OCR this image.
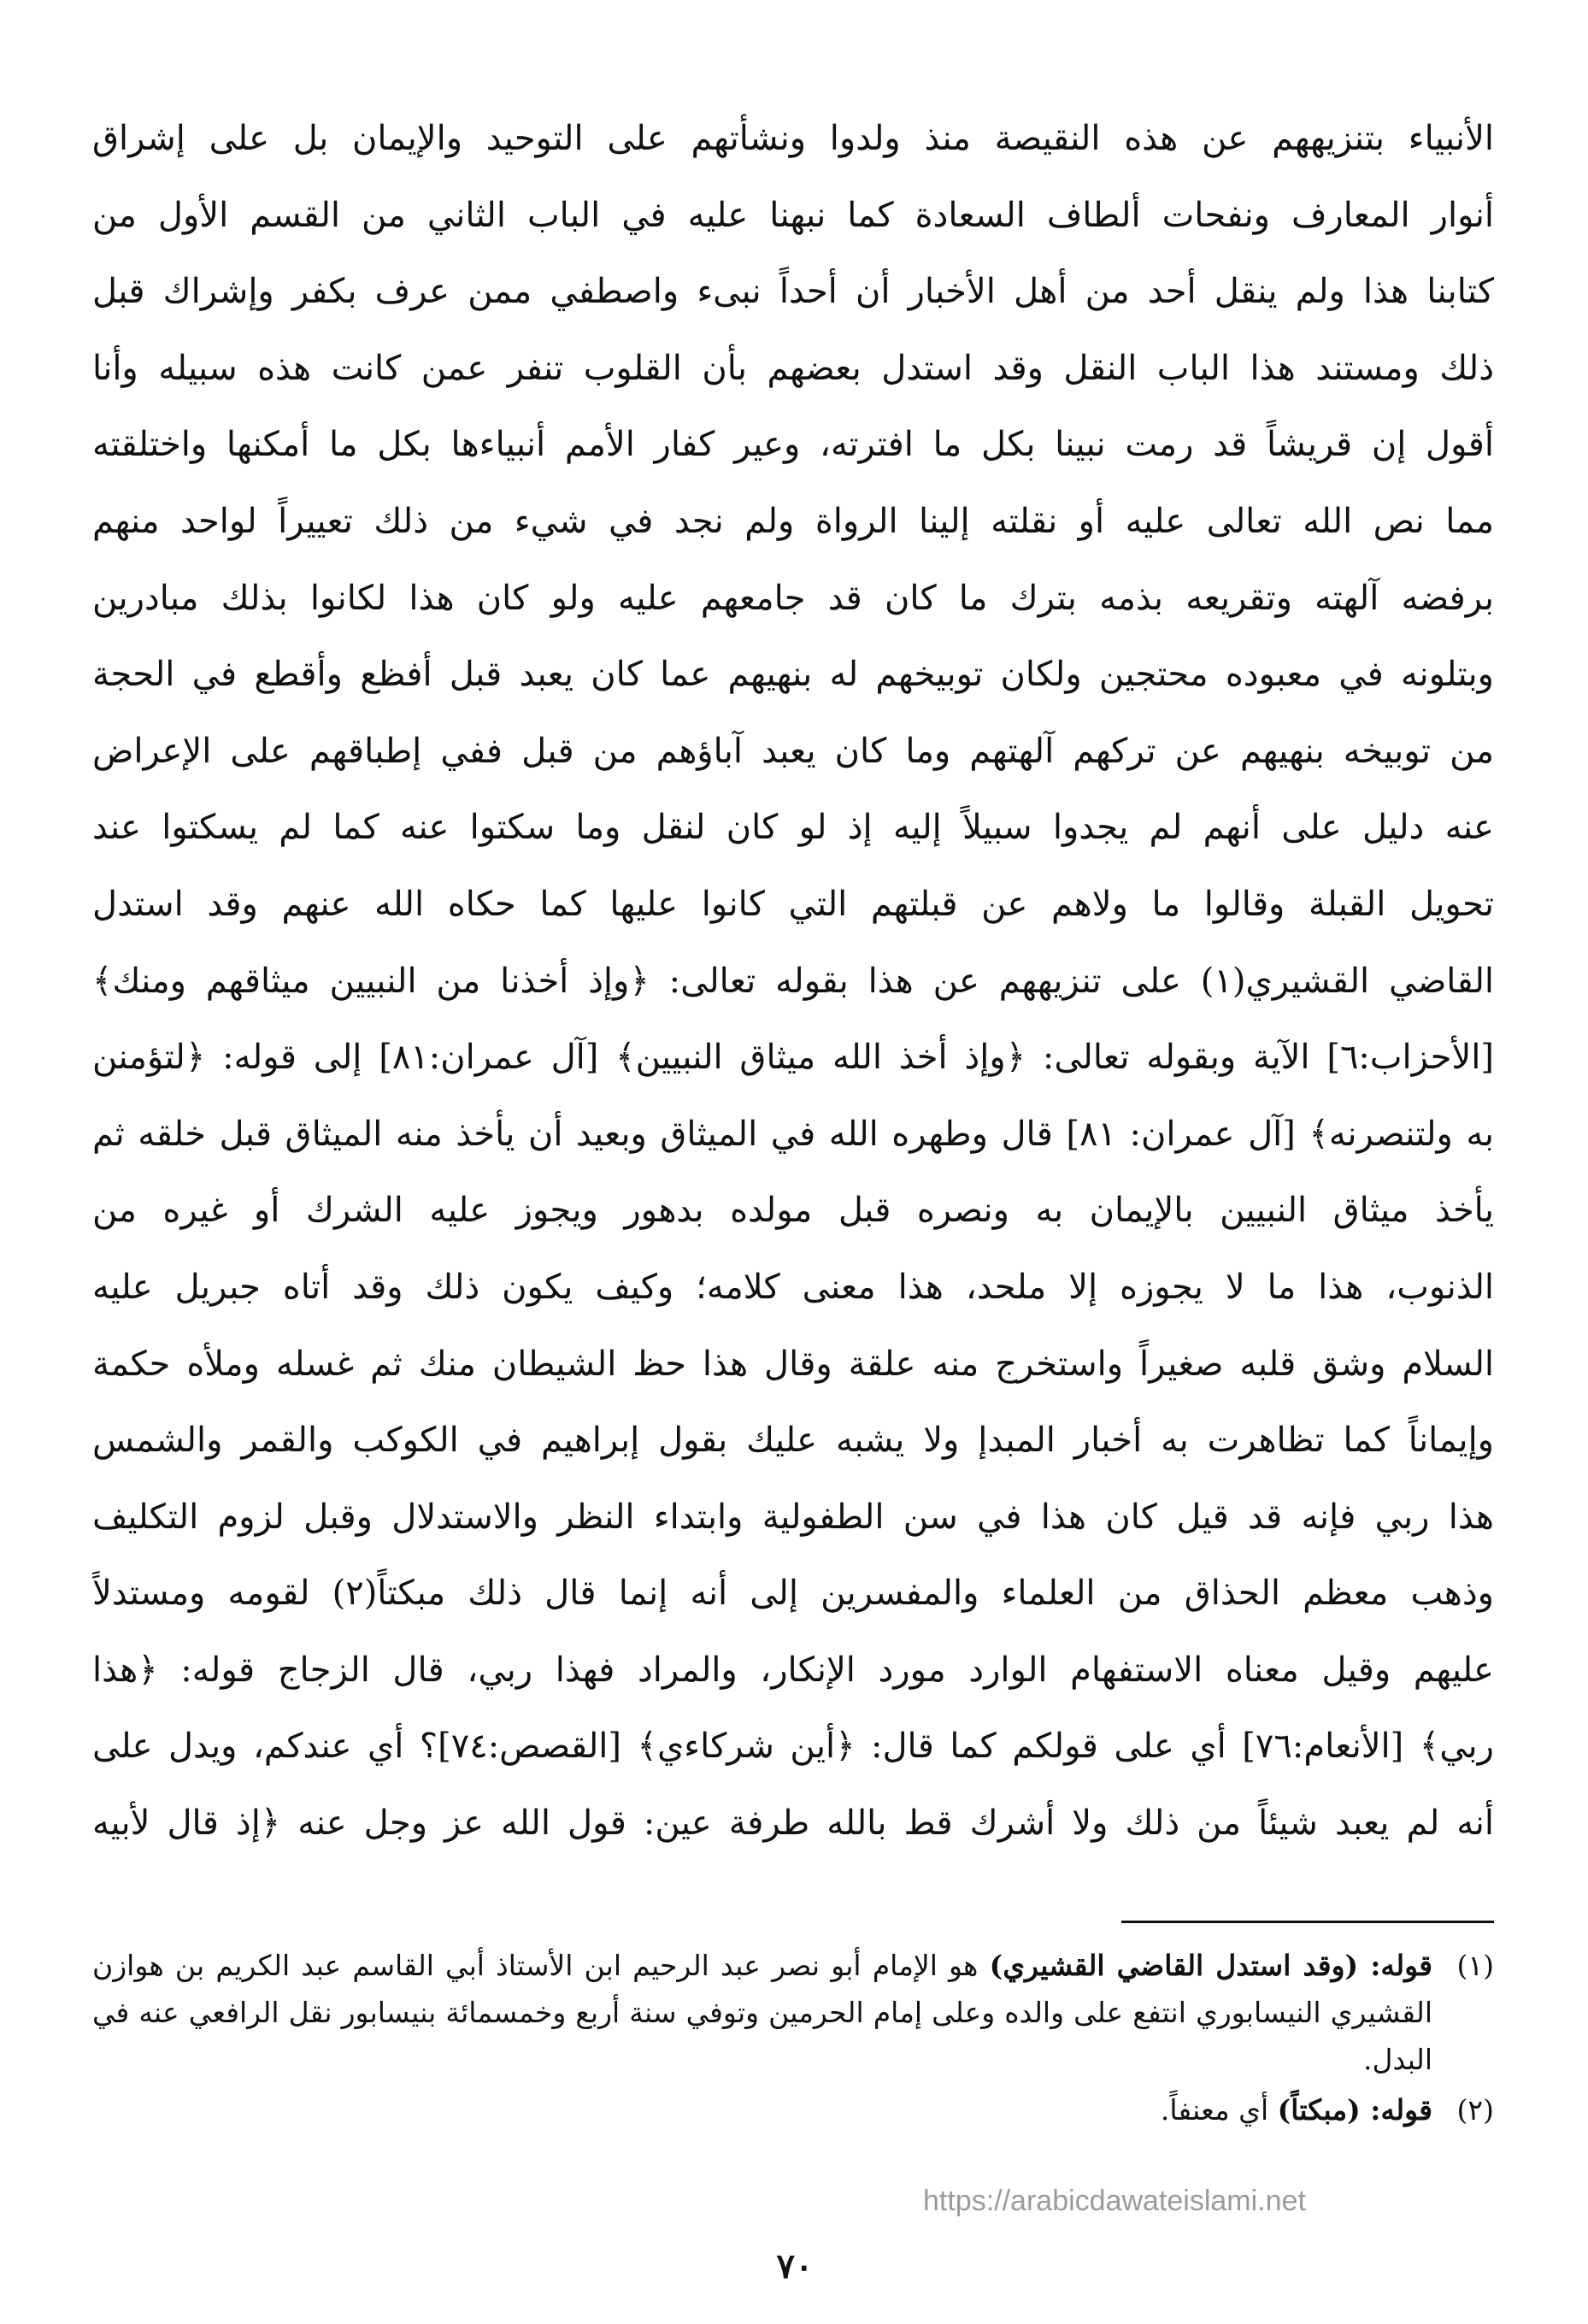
الأنبياء بتنزيههم عن هذه النقيصة منذ ولدوا ونشأتهم على التوحيد والإيمان بل على إشراق
أنوار المعارف ونفحات ألطاف السعادة كما نبهنا عليه في الباب الثاني من القسم الأول من
كتابنا هذا ولم ينقل أحد من أهل الأخبار أن أحداً نبىء واصطفي ممن عرف بكفر وإشراك قبل
ذلك ومستند هذا الباب النقل وقد استدل بعضهم بأن القلوب تنفر عمن كانت هذه سبيله وأنا
أقول إن قريشاً قد رمت نبينا بكل ما افترته، وعير كفار الأمم أنبياءها بكل ما أمكنها واختلقته
مما نص الله تعالى عليه أو نقلته إلينا الرواة ولم نجد في شيء من ذلك تعييراً لواحد منهم
برفضه آلهته وتقريعه بذمه بترك ما كان قد جامعهم عليه ولو كان هذا لكانوا بذلك مبادرين
وبتلونه في معبوده محتجين ولكان توبيخهم له بنهيهم عما كان يعبد قبل أفظع وأقطع في الحجة
من توبيخه بنهيهم عن تركهم آلهتهم وما كان يعبد آباؤهم من قبل ففي إطباقهم على الإعراض
عنه دليل على أنهم لم يجدوا سبيلاً إليه إذ لو كان لنقل وما سكتوا عنه كما لم يسكتوا عند
تحويل القبلة وقالوا ما ولاهم عن قبلتهم التي كانوا عليها كما حكاه الله عنهم وقد استدل
القاضي القشيري(١) على تنزيههم عن هذا بقوله تعالى: ﴿وإذ أخذنا من النبيين ميثاقهم ومنك﴾
[الأحزاب:٦] الآية وبقوله تعالى: ﴿وإذ أخذ الله ميثاق النبيين﴾ [آل عمران:٨١] إلى قوله: ﴿لتؤمنن
به ولتنصرنه﴾ [آل عمران: ٨١] قال وطهره الله في الميثاق وبعيد أن يأخذ منه الميثاق قبل خلقه ثم
يأخذ ميثاق النبيين بالإيمان به ونصره قبل مولده بدهور ويجوز عليه الشرك أو غيره من
الذنوب، هذا ما لا يجوزه إلا ملحد، هذا معنى كلامه؛ وكيف يكون ذلك وقد أتاه جبريل عليه
السلام وشق قلبه صغيراً واستخرج منه علقة وقال هذا حظ الشيطان منك ثم غسله وملأه حكمة
وإيماناً كما تظاهرت به أخبار المبدإ ولا يشبه عليك بقول إبراهيم في الكوكب والقمر والشمس
هذا ربي فإنه قد قيل كان هذا في سن الطفولية وابتداء النظر والاستدلال وقبل لزوم التكليف
وذهب معظم الحذاق من العلماء والمفسرين إلى أنه إنما قال ذلك مبكتاً(٢) لقومه ومستدلاً
عليهم وقيل معناه الاستفهام الوارد مورد الإنكار، والمراد فهذا ربي، قال الزجاج قوله: ﴿هذا
ربي﴾ [الأنعام:٧٦] أي على قولكم كما قال: ﴿أين شركاءي﴾ [القصص:٧٤]؟ أي عندكم، ويدل على
أنه لم يعبد شيئاً من ذلك ولا أشرك قط بالله طرفة عين: قول الله عز وجل عنه ﴿إذ قال لأبيه
(١)
قوله: (وقد استدل القاضي القشيري) هو الإمام أبو نصر عبد الرحيم ابن الأستاذ أبي القاسم عبد الكريم بن هوازن القشيري النيسابوري انتفع على والده وعلى إمام الحرمين وتوفي سنة أربع وخمسمائة بنيسابور نقل الرافعي عنه في البدل.
(٢)
قوله: (مبكتاً) أي معنفاً.
https://arabicdawateislami.net
٧٠
